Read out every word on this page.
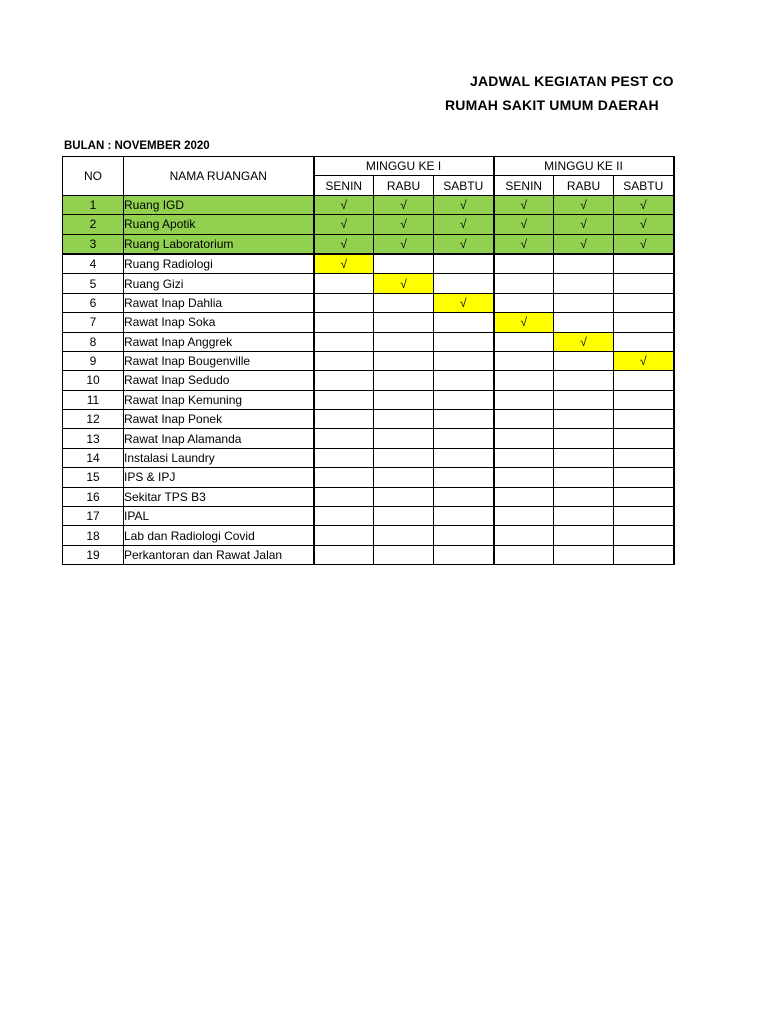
JADWAL KEGIATAN PEST CO
RUMAH SAKIT UMUM DAERAH
BULAN : NOVEMBER 2020
NO	NAMA RUANGAN	MINGGU KE I			MINGGU KE II		
		SENIN	RABU	SABTU	SENIN	RABU	SABTU
1	Ruang IGD	√	√	√	√	√	√
2	Ruang Apotik	√	√	√	√	√	√
3	Ruang Laboratorium	√	√	√	√	√	√
4	Ruang Radiologi	√					
5	Ruang Gizi		√				
6	Rawat Inap Dahlia			√			
7	Rawat Inap Soka				√		
8	Rawat Inap Anggrek					√	
9	Rawat Inap Bougenville						√
10	Rawat Inap Sedudo						
11	Rawat Inap Kemuning						
12	Rawat Inap Ponek						
13	Rawat Inap Alamanda						
14	Instalasi Laundry						
15	IPS & IPJ						
16	Sekitar TPS B3						
17	IPAL						
18	Lab dan Radiologi Covid						
19	Perkantoran dan Rawat Jalan						
